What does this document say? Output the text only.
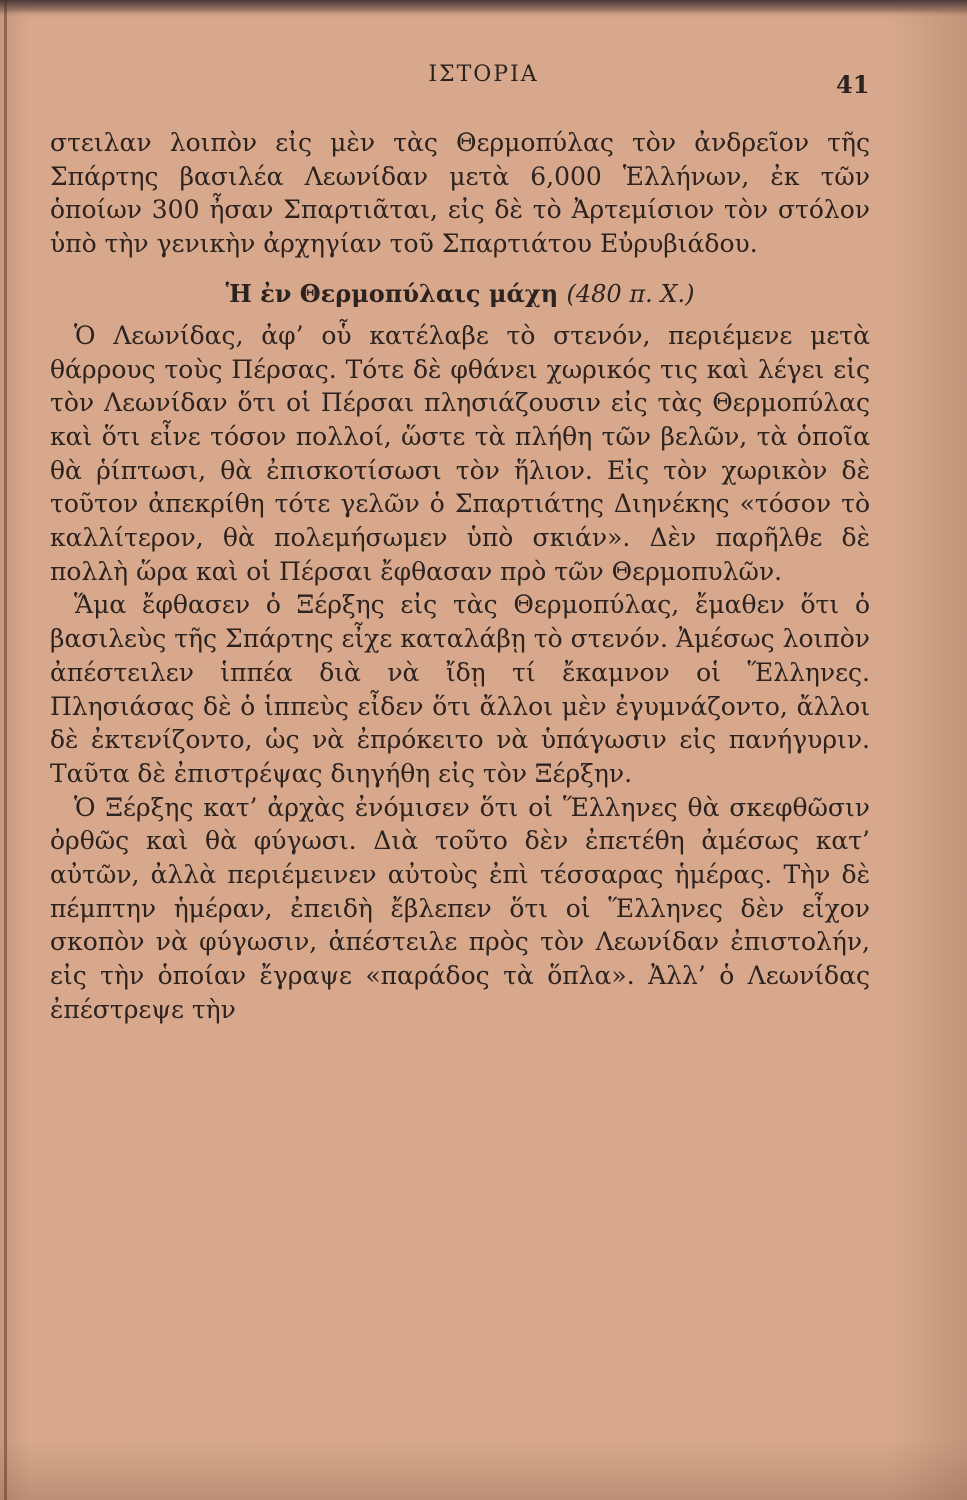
ΙΣΤΟΡΙΑ	41

στειλαν λοιπὸν εἰς μὲν τὰς Θερμοπύλας τὸν ἀνδρεῖον τῆς Σπάρτης βασιλέα Λεωνίδαν μετὰ 6,000 Ἑλλήνων, ἐκ τῶν ὁποίων 300 ἦσαν Σπαρτιᾶται, εἰς δὲ τὸ Ἀρτεμίσιον τὸν στόλον ὑπὸ τὴν γενικὴν ἀρχηγίαν τοῦ Σπαρτιάτου Εὐρυβιάδου.

Ἡ ἐν Θερμοπύλαις μάχη (480 π. Χ.)

Ὁ Λεωνίδας, ἀφ’ οὗ κατέλαβε τὸ στενόν, περιέμενε μετὰ θάρρους τοὺς Πέρσας. Τότε δὲ φθάνει χωρικός τις καὶ λέγει εἰς τὸν Λεωνίδαν ὅτι οἱ Πέρσαι πλησιάζουσιν εἰς τὰς Θερμοπύλας καὶ ὅτι εἶνε τόσον πολλοί, ὥστε τὰ πλήθη τῶν βελῶν, τὰ ὁποῖα θὰ ῥίπτωσι, θὰ ἐπισκοτίσωσι τὸν ἥλιον. Εἰς τὸν χωρικὸν δὲ τοῦτον ἀπεκρίθη τότε γελῶν ὁ Σπαρτιάτης Διηνέκης «τόσον τὸ καλλίτερον, θὰ πολεμήσωμεν ὑπὸ σκιάν». Δὲν παρῆλθε δὲ πολλὴ ὥρα καὶ οἱ Πέρσαι ἔφθασαν πρὸ τῶν Θερμοπυλῶν.

Ἅμα ἔφθασεν ὁ Ξέρξης εἰς τὰς Θερμοπύλας, ἔμαθεν ὅτι ὁ βασιλεὺς τῆς Σπάρτης εἶχε καταλάβῃ τὸ στενόν. Ἀμέσως λοιπὸν ἀπέστειλεν ἱππέα διὰ νὰ ἴδῃ τί ἔκαμνον οἱ Ἕλληνες. Πλησιάσας δὲ ὁ ἱππεὺς εἶδεν ὅτι ἄλλοι μὲν ἐγυμνάζοντο, ἄλλοι δὲ ἐκτενίζοντο, ὡς νὰ ἐπρόκειτο νὰ ὑπάγωσιν εἰς πανήγυριν. Ταῦτα δὲ ἐπιστρέψας διηγήθη εἰς τὸν Ξέρξην.

Ὁ Ξέρξης κατ’ ἀρχὰς ἐνόμισεν ὅτι οἱ Ἕλληνες θὰ σκεφθῶσιν ὀρθῶς καὶ θὰ φύγωσι. Διὰ τοῦτο δὲν ἐπετέθη ἀμέσως κατ’ αὐτῶν, ἀλλὰ περιέμεινεν αὐτοὺς ἐπὶ τέσσαρας ἡμέρας. Τὴν δὲ πέμπτην ἡμέραν, ἐπειδὴ ἔβλεπεν ὅτι οἱ Ἕλληνες δὲν εἶχον σκοπὸν νὰ φύγωσιν, ἀπέστειλε πρὸς τὸν Λεωνίδαν ἐπιστολήν, εἰς τὴν ὁποίαν ἔγραψε «παράδος τὰ ὅπλα». Ἀλλ’ ὁ Λεωνίδας ἐπέστρεψε τὴν
